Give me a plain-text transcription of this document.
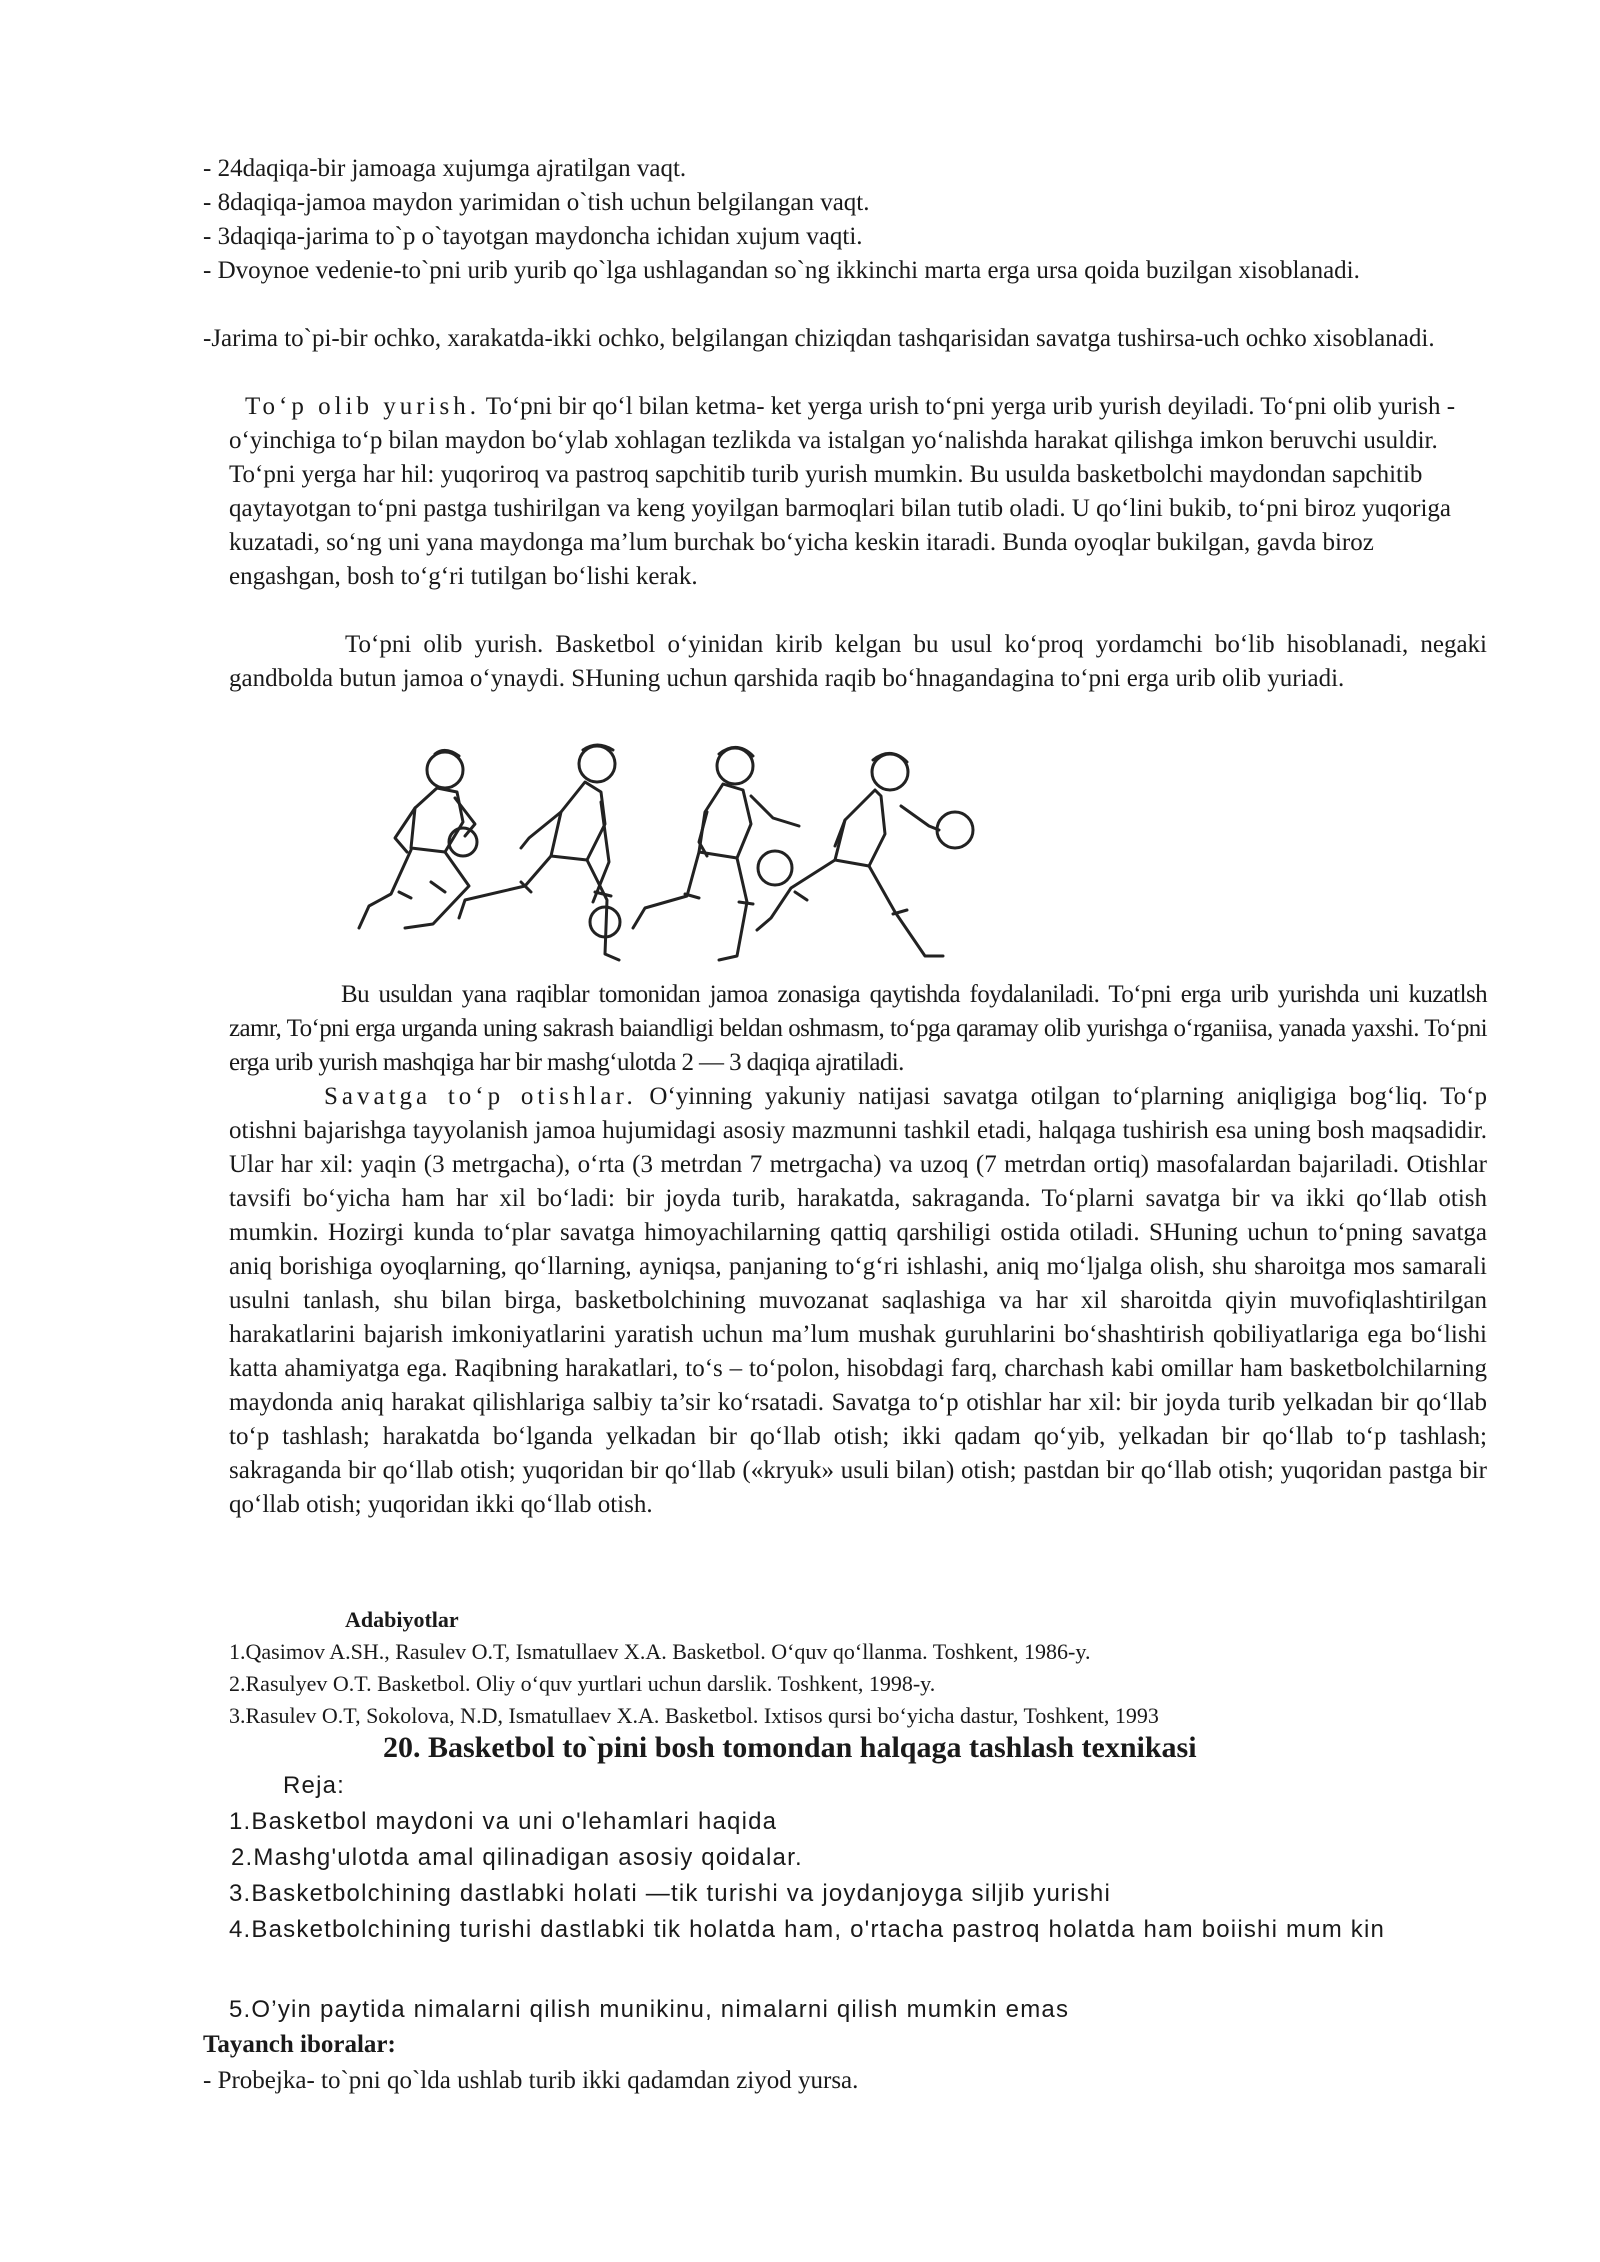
- 24daqiqa-bir jamoaga xujumga ajratilgan vaqt.

- 8daqiqa-jamoa maydon yarimidan o`tish uchun belgilangan vaqt.

- 3daqiqa-jarima to`p o`tayotgan maydoncha ichidan xujum vaqti.

- Dvoynoe vedenie-to`pni urib yurib qo`lga ushlagandan so`ng ikkinchi marta erga ursa qoida buzilgan xisoblanadi.

-Jarima to`pi-bir ochko, xarakatda-ikki ochko, belgilangan chiziqdan tashqarisidan savatga tushirsa-uch ochko xisoblanadi.

To‘p olib yurish. To‘pni bir qo‘l bilan ketma- ket yerga urish to‘pni yerga urib yurish deyiladi. To‘pni olib yurish - o‘yinchiga to‘p bilan maydon bo‘ylab xohlagan tezlikda va istalgan yo‘nalishda harakat qilishga imkon beruvchi usuldir. To‘pni yerga har hil: yuqoriroq va pastroq sapchitib turib yurish mumkin. Bu usulda basketbolchi maydondan sapchitib qaytayotgan to‘pni pastga tushirilgan va keng yoyilgan barmoqlari bilan tutib oladi. U qo‘lini bukib, to‘pni biroz yuqoriga kuzatadi, so‘ng uni yana maydonga ma’lum burchak bo‘yicha keskin itaradi. Bunda oyoqlar bukilgan, gavda biroz engashgan, bosh to‘g‘ri tutilgan bo‘lishi kerak.

To‘pni olib yurish. Basketbol o‘yinidan kirib kelgan bu usul ko‘proq yordamchi bo‘lib hisoblanadi, negaki gandbolda butun jamoa o‘ynaydi. SHuning uchun qarshida raqib bo‘hnagandagina to‘pni erga urib olib yuriadi.

Bu usuldan yana raqiblar tomonidan jamoa zonasiga qaytishda foydalaniladi. To‘pni erga urib yurishda uni kuzatlsh zamr, To‘pni erga urganda uning sakrash baiandligi beldan oshmasm, to‘pga qaramay olib yurishga o‘rganiisa, yanada yaxshi. To‘pni erga urib yurish mashqiga har bir mashg‘ulotda 2 — 3 daqiqa ajratiladi.

Savatga to‘p otishlar. O‘yinning yakuniy natijasi savatga otilgan to‘plarning aniqligiga bog‘liq. To‘p otishni bajarishga tayyolanish jamoa hujumidagi asosiy mazmunni tashkil etadi, halqaga tushirish esa uning bosh maqsadidir. Ular har xil: yaqin (3 metrgacha), o‘rta (3 metrdan 7 metrgacha) va uzoq (7 metrdan ortiq) masofalardan bajariladi. Otishlar tavsifi bo‘yicha ham har xil bo‘ladi: bir joyda turib, harakatda, sakraganda. To‘plarni savatga bir va ikki qo‘llab otish mumkin. Hozirgi kunda to‘plar savatga himoyachilarning qattiq qarshiligi ostida otiladi. SHuning uchun to‘pning savatga aniq borishiga oyoqlarning, qo‘llarning, ayniqsa, panjaning to‘g‘ri ishlashi, aniq mo‘ljalga olish, shu sharoitga mos samarali usulni tanlash, shu bilan birga, basketbolchining muvozanat saqlashiga va har xil sharoitda qiyin muvofiqlashtirilgan harakatlarini bajarish imkoniyatlarini yaratish uchun ma’lum mushak guruhlarini bo‘shashtirish qobiliyatlariga ega bo‘lishi katta ahamiyatga ega. Raqibning harakatlari, to‘s – to‘polon, hisobdagi farq, charchash kabi omillar ham basketbolchilarning maydonda aniq harakat qilishlariga salbiy ta’sir ko‘rsatadi. Savatga to‘p otishlar har xil: bir joyda turib yelkadan bir qo‘llab to‘p tashlash; harakatda bo‘lganda yelkadan bir qo‘llab otish; ikki qadam qo‘yib, yelkadan bir qo‘llab to‘p tashlash; sakraganda bir qo‘llab otish; yuqoridan bir qo‘llab («kryuk» usuli bilan) otish; pastdan bir qo‘llab otish; yuqoridan pastga bir qo‘llab otish; yuqoridan ikki qo‘llab otish.

Adabiyotlar

1.Qasimov A.SH., Rasulev O.T, Ismatullaev X.A. Basketbol. O‘quv qo‘llanma. Toshkent, 1986-y.

2.Rasulyev O.T. Basketbol. Oliy o‘quv yurtlari uchun darslik. Toshkent, 1998-y.

3.Rasulev O.T, Sokolova, N.D, Ismatullaev X.A. Basketbol. Ixtisos qursi bo‘yicha dastur, Toshkent, 1993

20. Basketbol to`pini bosh tomondan halqaga tashlash texnikasi

Reja:

1.Basketbol maydoni va uni o'lehamlari haqida

2.Mashg'ulotda amal qilinadigan asosiy qoidalar.

3.Basketbolchining dastlabki holati —tik turishi va joydanjoyga siljib yurishi

4.Basketbolchining turishi dastlabki tik holatda ham, o'rtacha pastroq holatda ham boiishi mum kin

5.O’yin paytida nimalarni qilish munikinu, nimalarni qilish mumkin emas

Tayanch iboralar:

- Probejka- to`pni qo`lda ushlab turib ikki qadamdan ziyod yursa.
